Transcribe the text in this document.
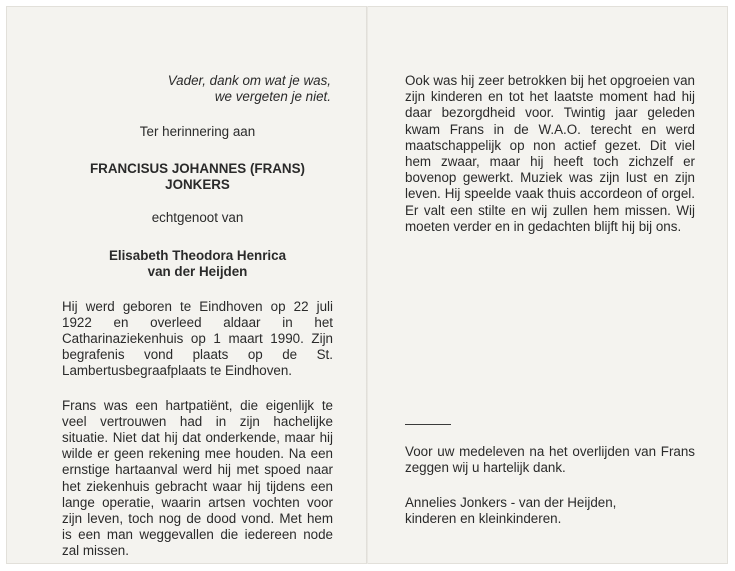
Vader, dank om wat je was,
we vergeten je niet.
Ter herinnering aan
FRANCISUS JOHANNES (FRANS)
JONKERS
echtgenoot van
Elisabeth Theodora Henrica
van der Heijden
Hij werd geboren te Eindhoven op 22 juli 1922 en overleed aldaar in het Catharinaziekenhuis op 1 maart 1990. Zijn begrafenis vond plaats op de St. Lambertusbegraafplaats te Eindhoven.
Frans was een hartpatiënt, die eigenlijk te veel vertrouwen had in zijn hachelijke situatie. Niet dat hij dat onderkende, maar hij wilde er geen rekening mee houden. Na een ernstige hartaanval werd hij met spoed naar het ziekenhuis gebracht waar hij tijdens een lange operatie, waarin artsen vochten voor zijn leven, toch nog de dood vond. Met hem is een man weggevallen die iedereen node zal missen.
Ook was hij zeer betrokken bij het opgroeien van zijn kinderen en tot het laatste moment had hij daar bezorgdheid voor. Twintig jaar geleden kwam Frans in de W.A.O. terecht en werd maatschappelijk op non actief gezet. Dit viel hem zwaar, maar hij heeft toch zichzelf er bovenop gewerkt. Muziek was zijn lust en zijn leven. Hij speelde vaak thuis accordeon of orgel. Er valt een stilte en wij zullen hem missen. Wij moeten verder en in gedachten blijft hij bij ons.
Voor uw medeleven na het overlijden van Frans zeggen wij u hartelijk dank.
Annelies Jonkers - van der Heijden,
kinderen en kleinkinderen.
